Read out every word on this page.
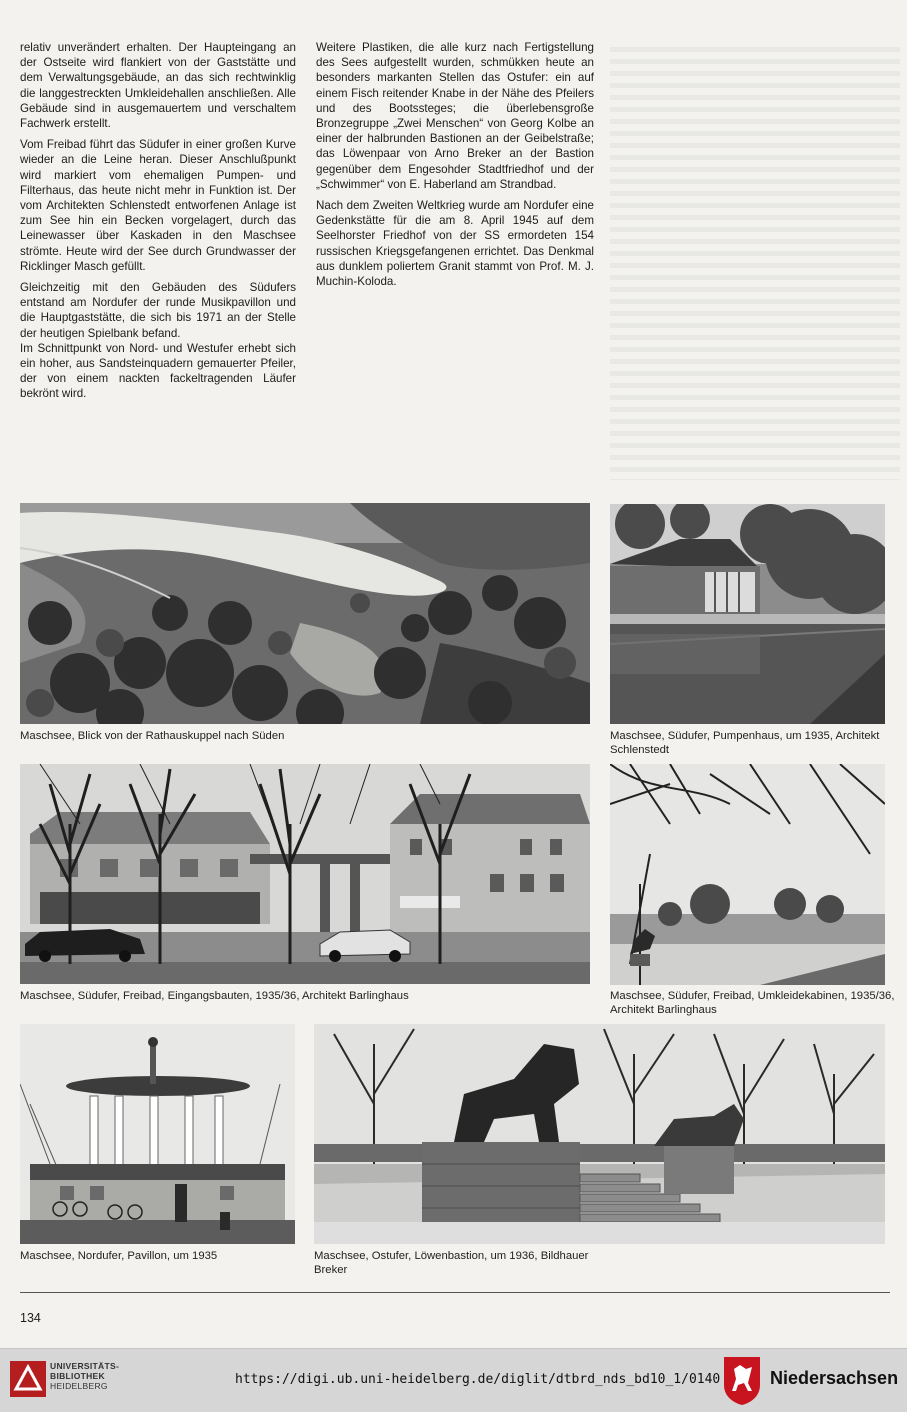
relativ unverändert erhalten. Der Haupteingang an der Ostseite wird flankiert von der Gaststätte und dem Verwaltungsgebäude, an das sich rechtwinklig die langgestreckten Umkleidehallen anschließen. Alle Gebäude sind in ausgemauertem und verschaltem Fachwerk erstellt.

Vom Freibad führt das Südufer in einer großen Kurve wieder an die Leine heran. Dieser Anschlußpunkt wird markiert vom ehemaligen Pumpen- und Filterhaus, das heute nicht mehr in Funktion ist. Der vom Architekten Schlenstedt entworfenen Anlage ist zum See hin ein Becken vorgelagert, durch das Leinewasser über Kaskaden in den Maschsee strömte. Heute wird der See durch Grundwasser der Ricklinger Masch gefüllt.

Gleichzeitig mit den Gebäuden des Südufers entstand am Nordufer der runde Musikpavillon und die Hauptgaststätte, die sich bis 1971 an der Stelle der heutigen Spielbank befand.

Im Schnittpunkt von Nord- und Westufer erhebt sich ein hoher, aus Sandsteinquadern gemauerter Pfeiler, der von einem nackten fackeltragenden Läufer bekrönt wird.

Weitere Plastiken, die alle kurz nach Fertigstellung des Sees aufgestellt wurden, schmükken heute an besonders markanten Stellen das Ostufer: ein auf einem Fisch reitender Knabe in der Nähe des Pfeilers und des Bootssteges; die überlebensgroße Bronzegruppe „Zwei Menschen“ von Georg Kolbe an einer der halbrunden Bastionen an der Geibelstraße; das Löwenpaar von Arno Breker an der Bastion gegenüber dem Engesohder Stadtfriedhof und der „Schwimmer“ von E. Haberland am Strandbad.

Nach dem Zweiten Weltkrieg wurde am Nordufer eine Gedenkstätte für die am 8. April 1945 auf dem Seelhorster Friedhof von der SS ermordeten 154 russischen Kriegsgefangenen errichtet. Das Denkmal aus dunklem poliertem Granit stammt von Prof. M. J. Muchin-Koloda.

Maschsee, Blick von der Rathauskuppel nach Süden	Maschsee, Südufer, Pumpenhaus, um 1935, Architekt Schlenstedt
Maschsee, Südufer, Freibad, Eingangsbauten, 1935/36, Architekt Barlinghaus	Maschsee, Südufer, Freibad, Umkleidekabinen, 1935/36, Architekt Barlinghaus
Maschsee, Nordufer, Pavillon, um 1935	Maschsee, Ostufer, Löwenbastion, um 1936, Bildhauer Breker
134
UNIVERSITÄTS-
BIBLIOTHEK
HEIDELBERG	https://digi.ub.uni-heidelberg.de/diglit/dtbrd_nds_bd10_1/0140	Niedersachsen
